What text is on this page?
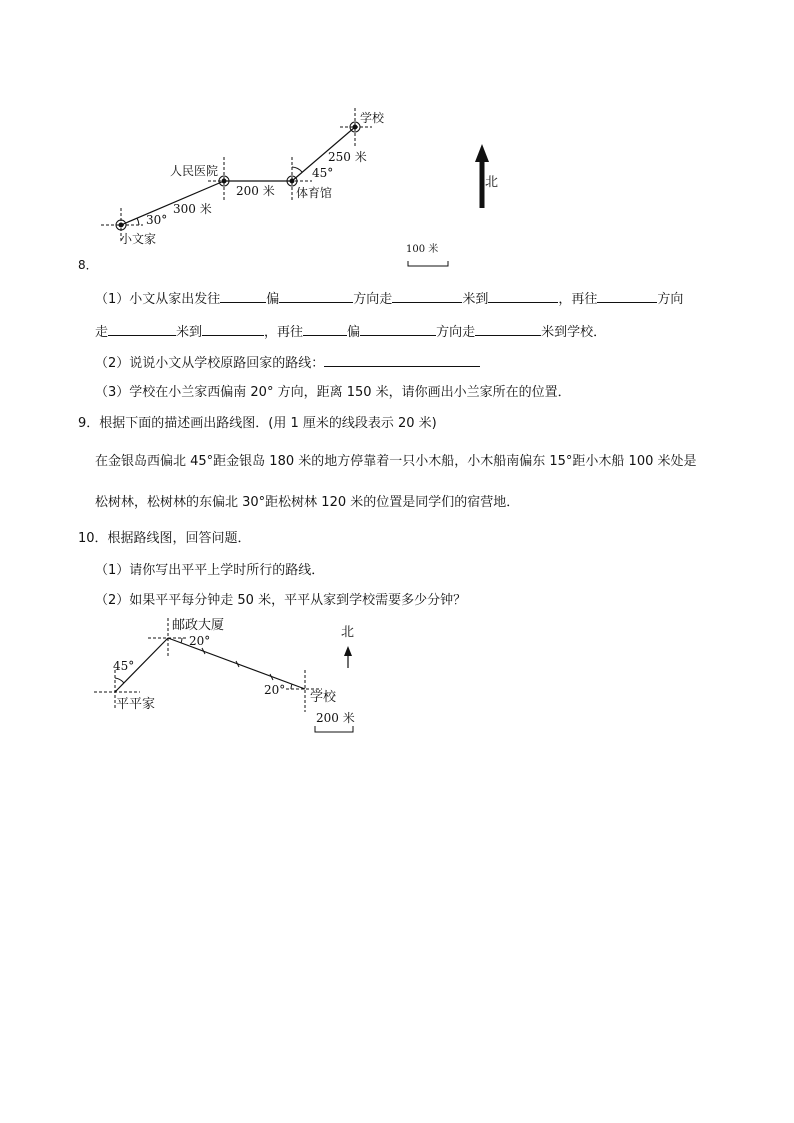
学校
人民医院
体育馆
小文家
北
250 米
200 米
300 米
45°
30°
100 米
8．
（1）小文从家出发往	偏	方向走	米到	，再往	方向
走	米到	，再往	偏	方向走	米到学校．
（2）说说小文从学校原路回家的路线：
（3）学校在小兰家西偏南 20° 方向，距离 150 米，请你画出小兰家所在的位置．
9．根据下面的描述画出路线图．(用 1 厘米的线段表示 20 米)
在金银岛西偏北 45°距金银岛 180 米的地方停靠着一只小木船，小木船南偏东 15°距小木船 100 米处是
松树林，松树林的东偏北 30°距松树林 120 米的位置是同学们的宿营地．
10．根据路线图，回答问题．
（1）请你写出平平上学时所行的路线．
（2）如果平平每分钟走 50 米，平平从家到学校需要多少分钟？
邮政大厦
20°
45°
平平家
20° 学校
北
200 米
